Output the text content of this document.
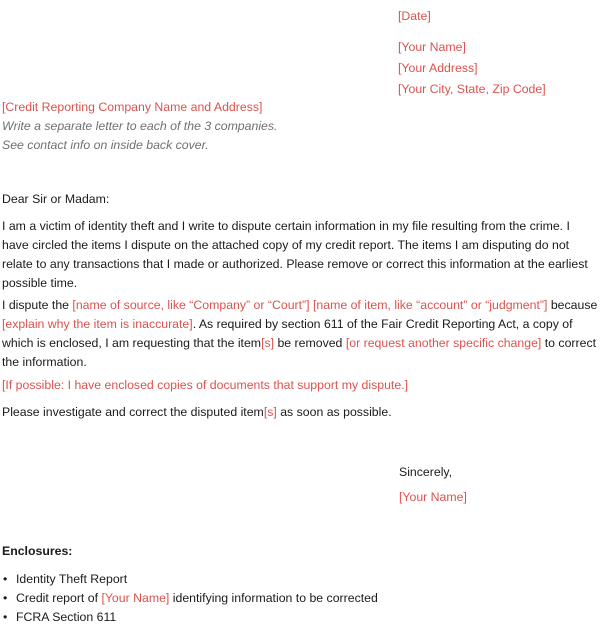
[Date]
[Your Name]
[Your Address]
[Your City, State, Zip Code]
[Credit Reporting Company Name and Address]
Write a separate letter to each of the 3 companies.
See contact info on inside back cover.

Dear Sir or Madam:

I am a victim of identity theft and I write to dispute certain information in my file resulting from the crime. I have circled the items I dispute on the attached copy of my credit report. The items I am disputing do not relate to any transactions that I made or authorized. Please remove or correct this information at the earliest possible time.

I dispute the [name of source, like “Company” or “Court”] [name of item, like “account” or “judgment”] because [explain why the item is inaccurate]. As required by section 611 of the Fair Credit Reporting Act, a copy of which is enclosed, I am requesting that the item[s] be removed [or request another specific change] to correct the information.

[If possible: I have enclosed copies of documents that support my dispute.]

Please investigate and correct the disputed item[s] as soon as possible.

Sincerely,
[Your Name]
Enclosures:
• Identity Theft Report
• Credit report of [Your Name] identifying information to be corrected
• FCRA Section 611
